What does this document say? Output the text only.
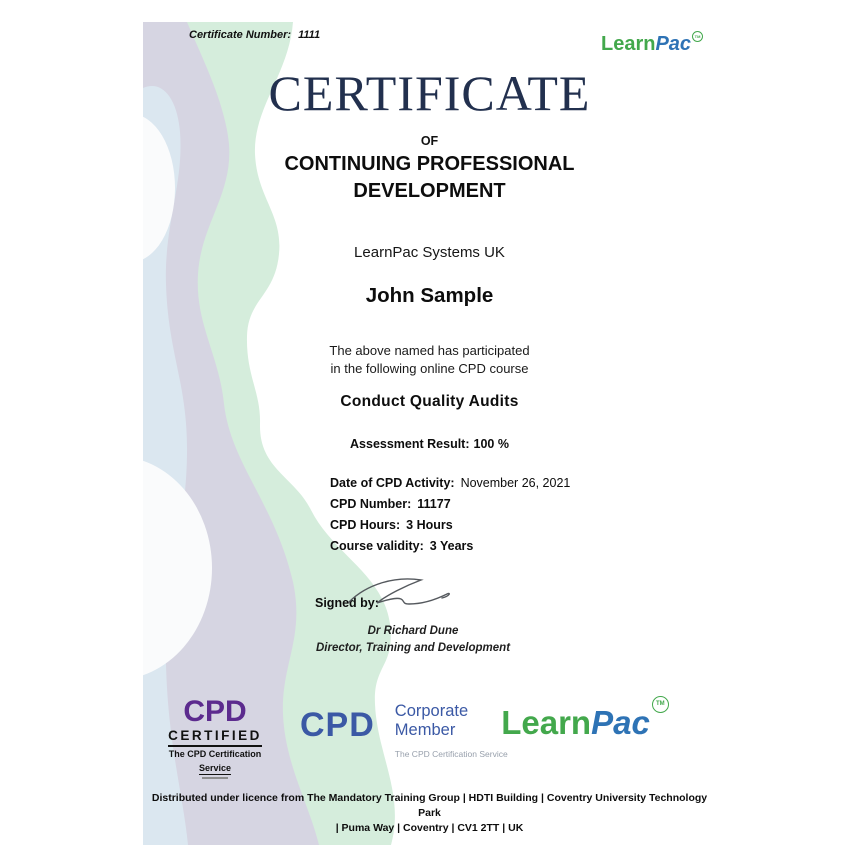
Certificate Number: 1111	LearnPac TM
CERTIFICATE
OF
CONTINUING PROFESSIONAL
DEVELOPMENT
LearnPac Systems UK
John Sample
The above named has participated
in the following online CPD course
Conduct Quality Audits
Assessment Result: 100 %
Date of CPD Activity: November 26, 2021
CPD Number: 11177
CPD Hours: 3 Hours
Course validity: 3 Years
Signed by:
Dr Richard Dune
Director, Training and Development
CPD
CERTIFIED
The CPD Certification
Service
CPD Corporate
Member
The CPD Certification Service
LearnPac TM
Distributed under licence from The Mandatory Training Group | HDTI Building | Coventry University Technology Park
| Puma Way | Coventry | CV1 2TT | UK
